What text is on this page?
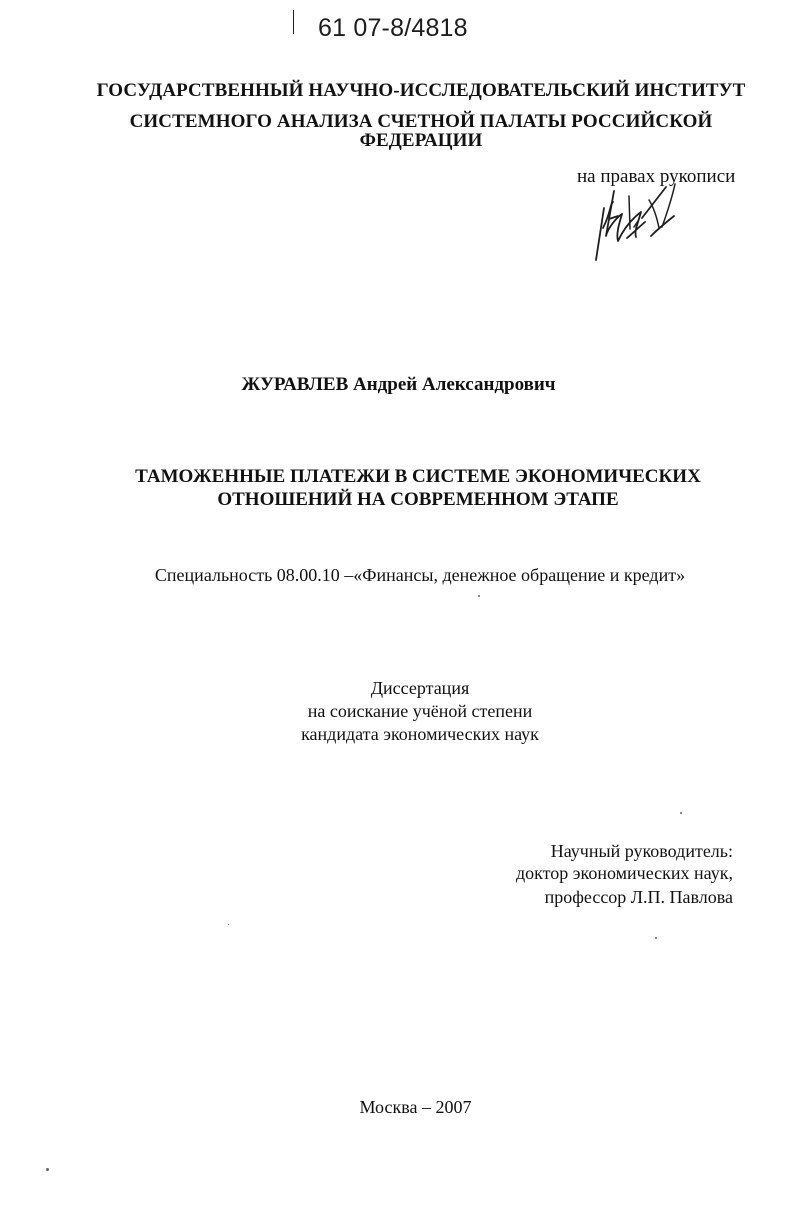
61 07-8/4818
ГОСУДАРСТВЕННЫЙ НАУЧНО-ИССЛЕДОВАТЕЛЬСКИЙ ИНСТИТУТ
СИСТЕМНОГО АНАЛИЗА СЧЕТНОЙ ПАЛАТЫ РОССИЙСКОЙ ФЕДЕРАЦИИ
на правах рукописи
ЖУРАВЛЕВ Андрей Александрович
ТАМОЖЕННЫЕ ПЛАТЕЖИ В СИСТЕМЕ ЭКОНОМИЧЕСКИХ
ОТНОШЕНИЙ НА СОВРЕМЕННОМ ЭТАПЕ
Специальность 08.00.10 –«Финансы, денежное обращение и кредит»
Диссертация
на соискание учёной степени
кандидата экономических наук
Научный руководитель:
доктор экономических наук,
профессор Л.П. Павлова
Москва – 2007
